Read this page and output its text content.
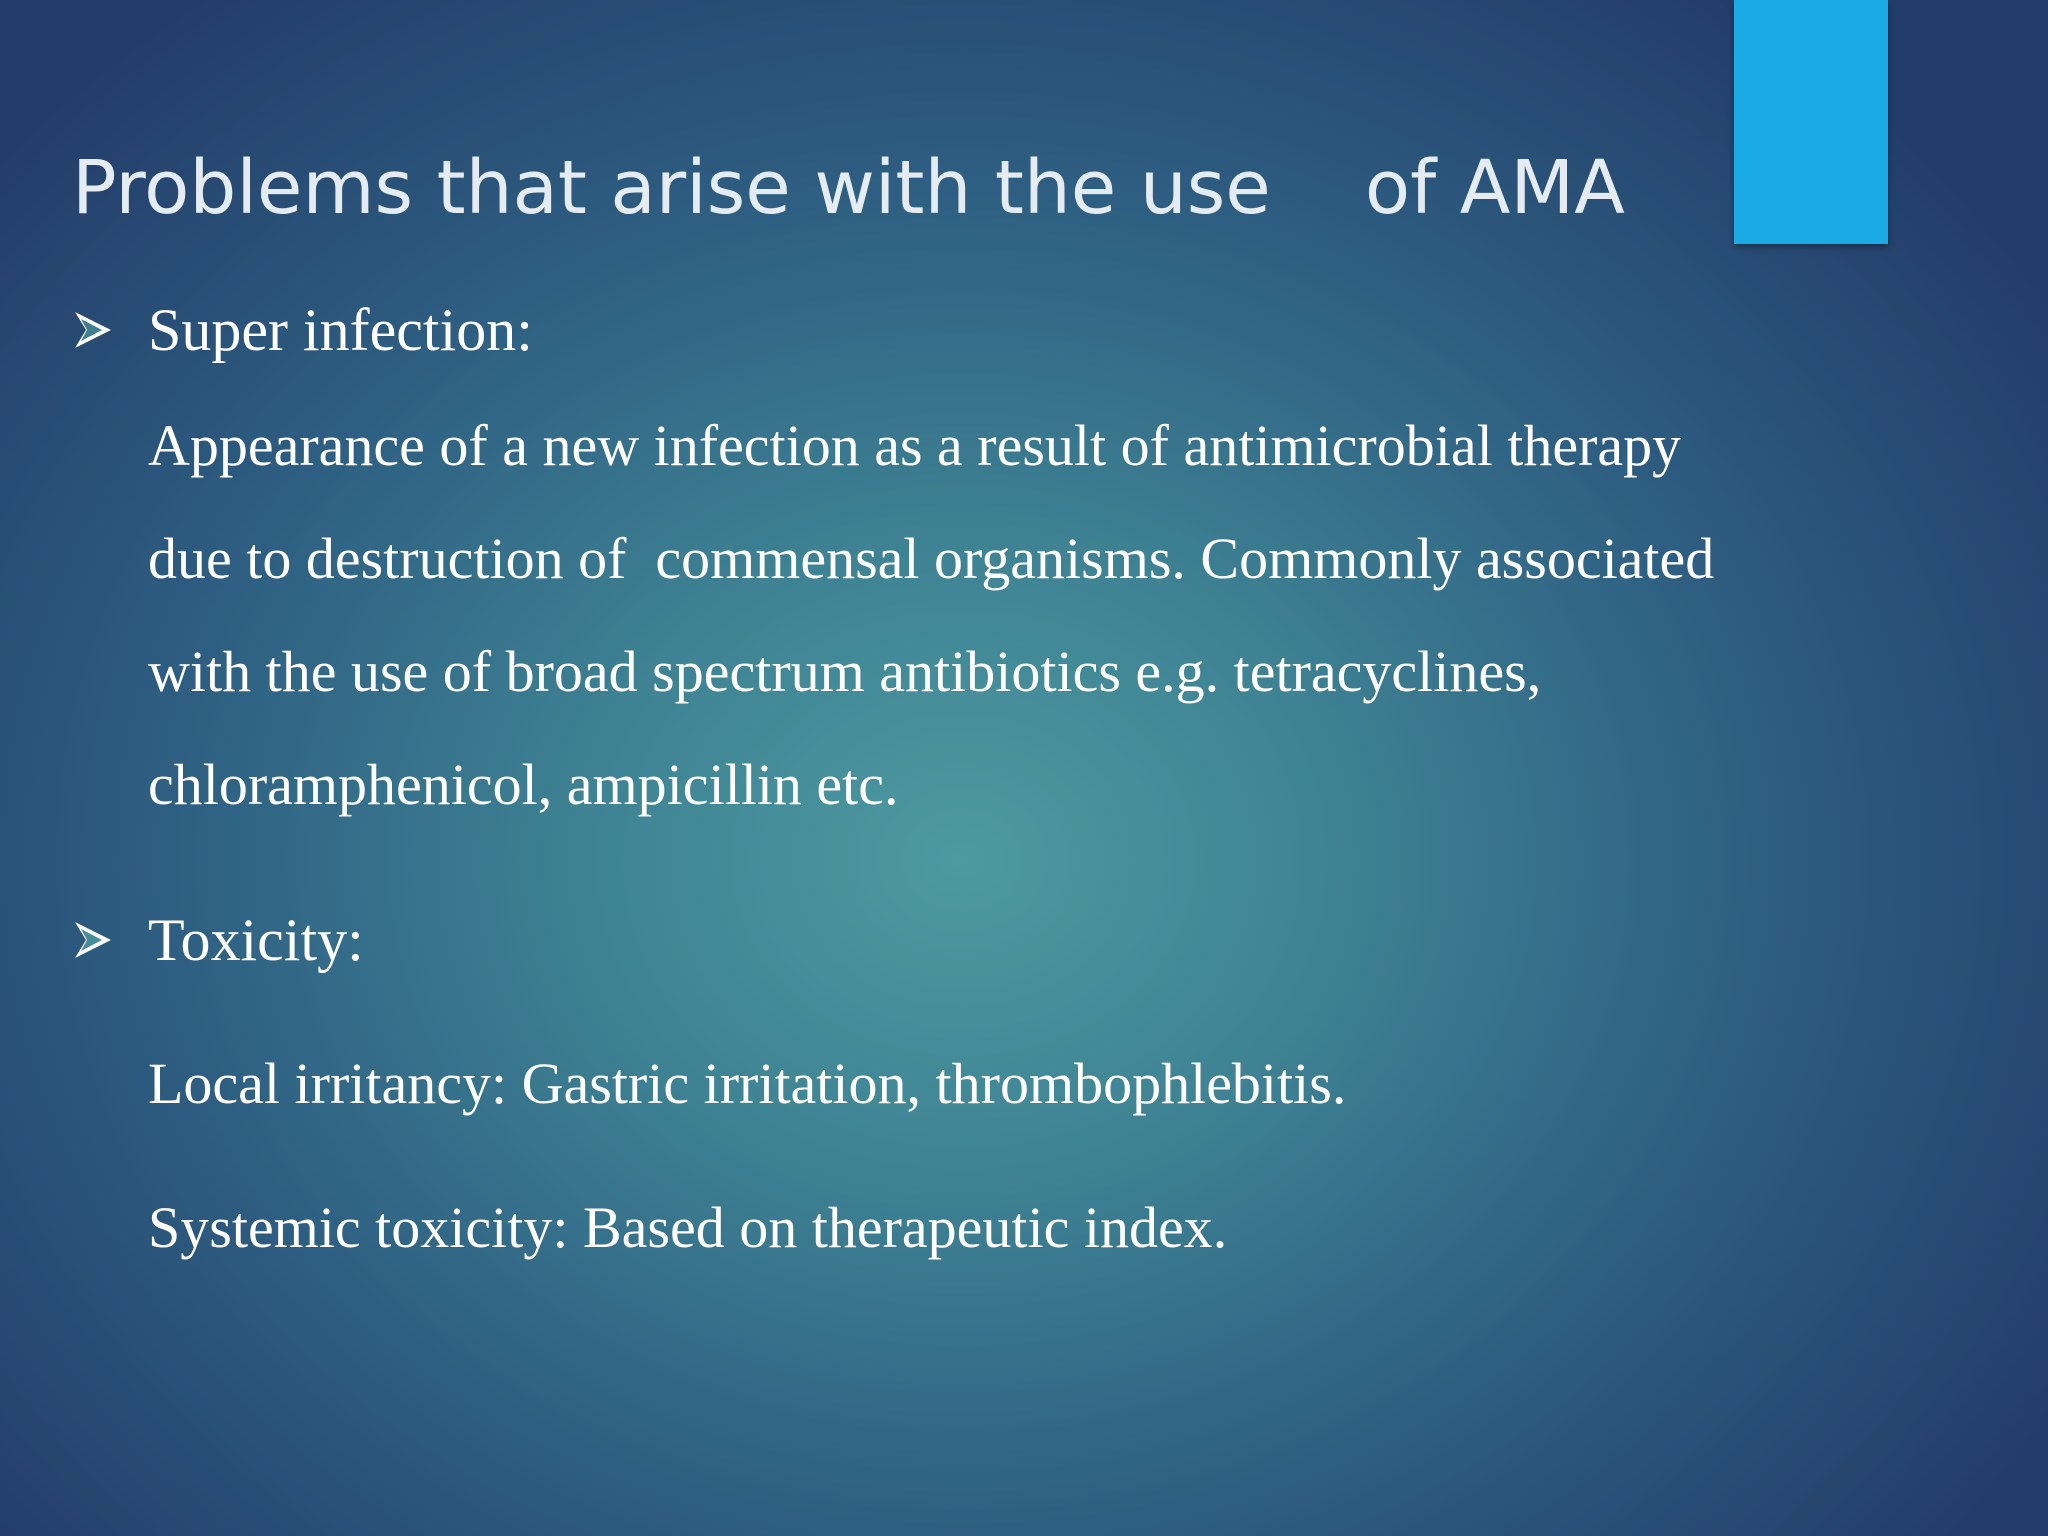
Problems that arise with the use    of AMA
Super infection:

Appearance of a new infection as a result of antimicrobial therapy

due to destruction of  commensal organisms. Commonly associated

with the use of broad spectrum antibiotics e.g. tetracyclines,

chloramphenicol, ampicillin etc.

Toxicity:

Local irritancy: Gastric irritation, thrombophlebitis.

Systemic toxicity: Based on therapeutic index.
